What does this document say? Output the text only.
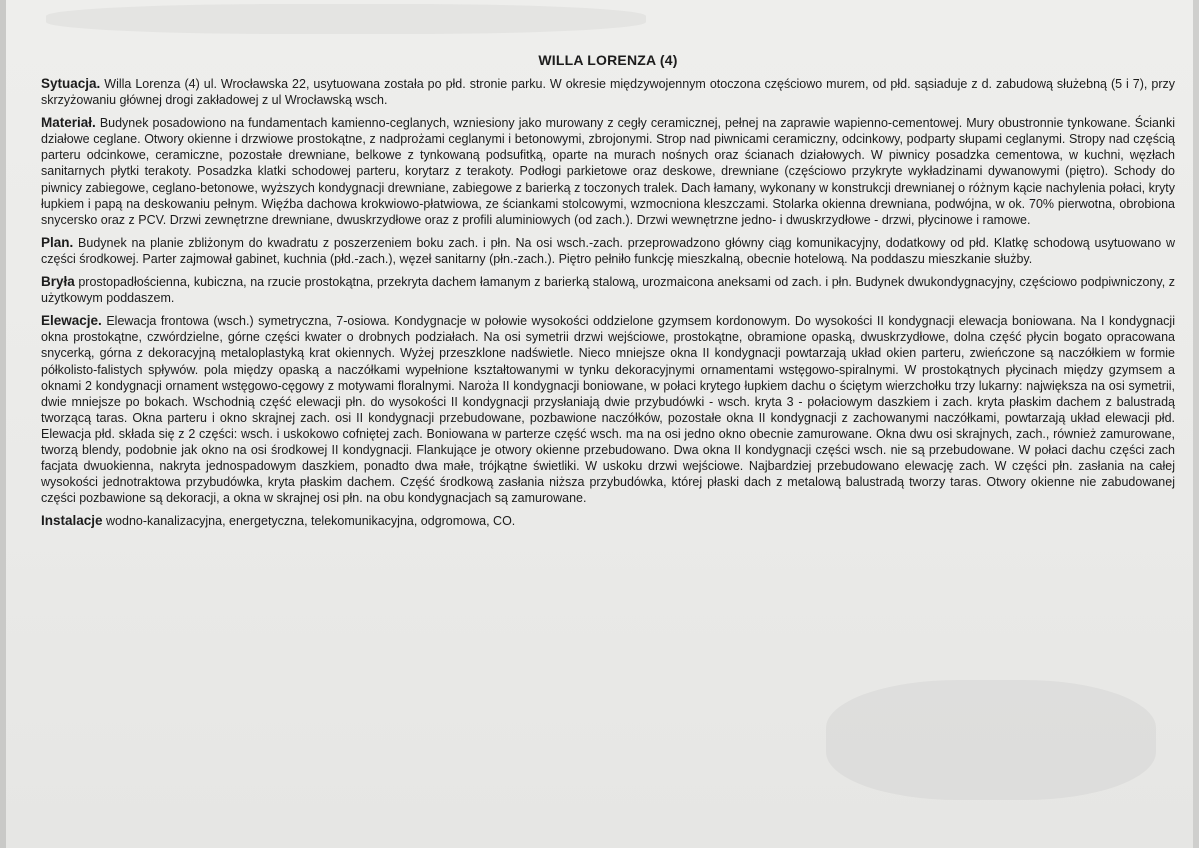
WILLA LORENZA (4)

Sytuacja. Willa Lorenza (4) ul. Wrocławska 22, usytuowana została po płd. stronie parku. W okresie międzywojennym otoczona częściowo murem, od płd. sąsiaduje z d. zabudową służebną (5 i 7), przy skrzyżowaniu głównej drogi zakładowej z ul Wrocławską wsch.

Materiał. Budynek posadowiono na fundamentach kamienno-ceglanych, wzniesiony jako murowany z cegły ceramicznej, pełnej na zaprawie wapienno-cementowej. Mury obustronnie tynkowane. Ścianki działowe ceglane. Otwory okienne i drzwiowe prostokątne, z nadprożami ceglanymi i betonowymi, zbrojonymi. Strop nad piwnicami ceramiczny, odcinkowy, podparty słupami ceglanymi. Stropy nad częścią parteru odcinkowe, ceramiczne, pozostałe drewniane, belkowe z tynkowaną podsufitką, oparte na murach nośnych oraz ścianach działowych. W piwnicy posadzka cementowa, w kuchni, węzłach sanitarnych płytki terakoty. Posadzka klatki schodowej parteru, korytarz z terakoty. Podłogi parkietowe oraz deskowe, drewniane (częściowo przykryte wykładzinami dywanowymi (piętro). Schody do piwnicy zabiegowe, ceglano-betonowe, wyższych kondygnacji drewniane, zabiegowe z barierką z toczonych tralek. Dach łamany, wykonany w konstrukcji drewnianej o różnym kącie nachylenia połaci, kryty łupkiem i papą na deskowaniu pełnym. Więźba dachowa krokwiowo-płatwiowa, ze ściankami stolcowymi, wzmocniona kleszczami. Stolarka okienna drewniana, podwójna, w ok. 70% pierwotna, obrobiona snycersko oraz z PCV. Drzwi zewnętrzne drewniane, dwuskrzydłowe oraz z profili aluminiowych (od zach.). Drzwi wewnętrzne jedno- i dwuskrzydłowe - drzwi, płycinowe i ramowe.

Plan. Budynek na planie zbliżonym do kwadratu z poszerzeniem boku zach. i płn. Na osi wsch.-zach. przeprowadzono główny ciąg komunikacyjny, dodatkowy od płd. Klatkę schodową usytuowano w części środkowej. Parter zajmował gabinet, kuchnia (płd.-zach.), węzeł sanitarny (płn.-zach.). Piętro pełniło funkcję mieszkalną, obecnie hotelową. Na poddaszu mieszkanie służby.

Bryła prostopadłościenna, kubiczna, na rzucie prostokątna, przekryta dachem łamanym z barierką stalową, urozmaicona aneksami od zach. i płn. Budynek dwukondygnacyjny, częściowo podpiwniczony, z użytkowym poddaszem.

Elewacje. Elewacja frontowa (wsch.) symetryczna, 7-osiowa. Kondygnacje w połowie wysokości oddzielone gzymsem kordonowym. Do wysokości II kondygnacji elewacja boniowana. Na I kondygnacji okna prostokątne, czwórdzielne, górne części kwater o drobnych podziałach. Na osi symetrii drzwi wejściowe, prostokątne, obramione opaską, dwuskrzydłowe, dolna część płycin bogato opracowana snycerką, górna z dekoracyjną metaloplastyką krat okiennych. Wyżej przeszklone nadświetle. Nieco mniejsze okna II kondygnacji powtarzają układ okien parteru, zwieńczone są naczółkiem w formie półkolisto-falistych spływów. pola między opaską a naczółkami wypełnione kształtowanymi w tynku dekoracyjnymi ornamentami wstęgowo-spiralnymi. W prostokątnych płycinach między gzymsem a oknami 2 kondygnacji ornament wstęgowo-cęgowy z motywami floralnymi. Naroża II kondygnacji boniowane, w połaci krytego łupkiem dachu o ściętym wierzchołku trzy lukarny: największa na osi symetrii, dwie mniejsze po bokach. Wschodnią część elewacji płn. do wysokości II kondygnacji przysłaniają dwie przybudówki - wsch. kryta 3 - połaciowym daszkiem i zach. kryta płaskim dachem z balustradą tworzącą taras. Okna parteru i okno skrajnej zach. osi II kondygnacji przebudowane, pozbawione naczółków, pozostałe okna II kondygnacji z zachowanymi naczółkami, powtarzają układ elewacji płd. Elewacja płd. składa się z 2 części: wsch. i uskokowo cofniętej zach. Boniowana w parterze część wsch. ma na osi jedno okno obecnie zamurowane. Okna dwu osi skrajnych, zach., również zamurowane, tworzą blendy, podobnie jak okno na osi środkowej II kondygnacji. Flankujące je otwory okienne przebudowano. Dwa okna II kondygnacji części wsch. nie są przebudowane. W połaci dachu części zach facjata dwuokienna, nakryta jednospadowym daszkiem, ponadto dwa małe, trójkątne świetliki. W uskoku drzwi wejściowe. Najbardziej przebudowano elewację zach. W części płn. zasłania na całej wysokości jednotraktowa przybudówka, kryta płaskim dachem. Część środkową zasłania niższa przybudówka, której płaski dach z metalową balustradą tworzy taras. Otwory okienne nie zabudowanej części pozbawione są dekoracji, a okna w skrajnej osi płn. na obu kondygnacjach są zamurowane.

Instalacje wodno-kanalizacyjna, energetyczna, telekomunikacyjna, odgromowa, CO.
